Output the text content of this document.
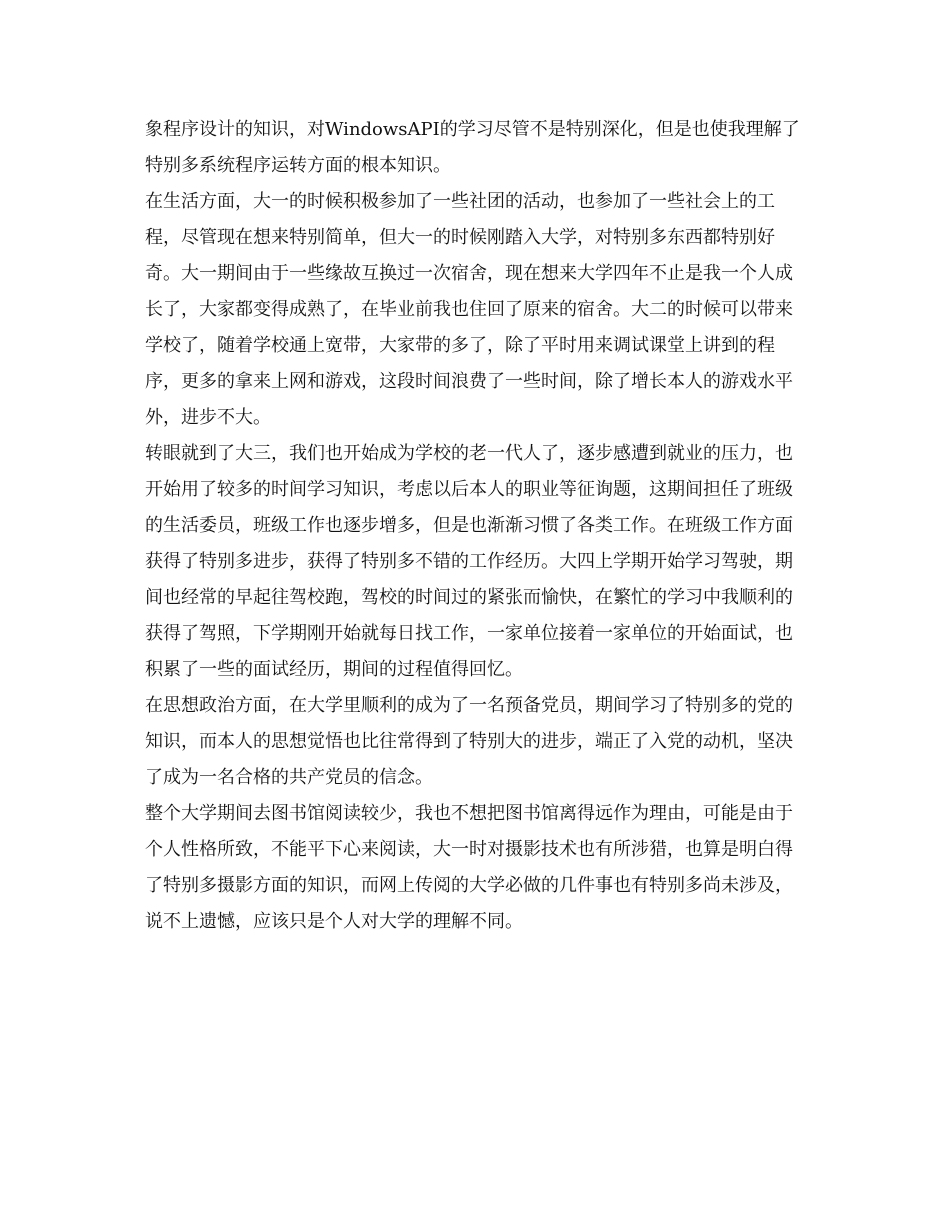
象程序设计的知识，对WindowsAPI的学习尽管不是特别深化，但是也使我理解了特别多系统程序运转方面的根本知识。

在生活方面，大一的时候积极参加了一些社团的活动，也参加了一些社会上的工程，尽管现在想来特别简单，但大一的时候刚踏入大学，对特别多东西都特别好奇。大一期间由于一些缘故互换过一次宿舍，现在想来大学四年不止是我一个人成长了，大家都变得成熟了，在毕业前我也住回了原来的宿舍。大二的时候可以带来学校了，随着学校通上宽带，大家带的多了，除了平时用来调试课堂上讲到的程序，更多的拿来上网和游戏，这段时间浪费了一些时间，除了增长本人的游戏水平外，进步不大。

转眼就到了大三，我们也开始成为学校的老一代人了，逐步感遭到就业的压力，也开始用了较多的时间学习知识，考虑以后本人的职业等征询题，这期间担任了班级的生活委员，班级工作也逐步增多，但是也渐渐习惯了各类工作。在班级工作方面获得了特别多进步，获得了特别多不错的工作经历。大四上学期开始学习驾驶，期间也经常的早起往驾校跑，驾校的时间过的紧张而愉快，在繁忙的学习中我顺利的获得了驾照，下学期刚开始就每日找工作，一家单位接着一家单位的开始面试，也积累了一些的面试经历，期间的过程值得回忆。

在思想政治方面，在大学里顺利的成为了一名预备党员，期间学习了特别多的党的知识，而本人的思想觉悟也比往常得到了特别大的进步，端正了入党的动机，坚决了成为一名合格的共产党员的信念。

整个大学期间去图书馆阅读较少，我也不想把图书馆离得远作为理由，可能是由于个人性格所致，不能平下心来阅读，大一时对摄影技术也有所涉猎，也算是明白得了特别多摄影方面的知识，而网上传阅的大学必做的几件事也有特别多尚未涉及，说不上遗憾，应该只是个人对大学的理解不同。
